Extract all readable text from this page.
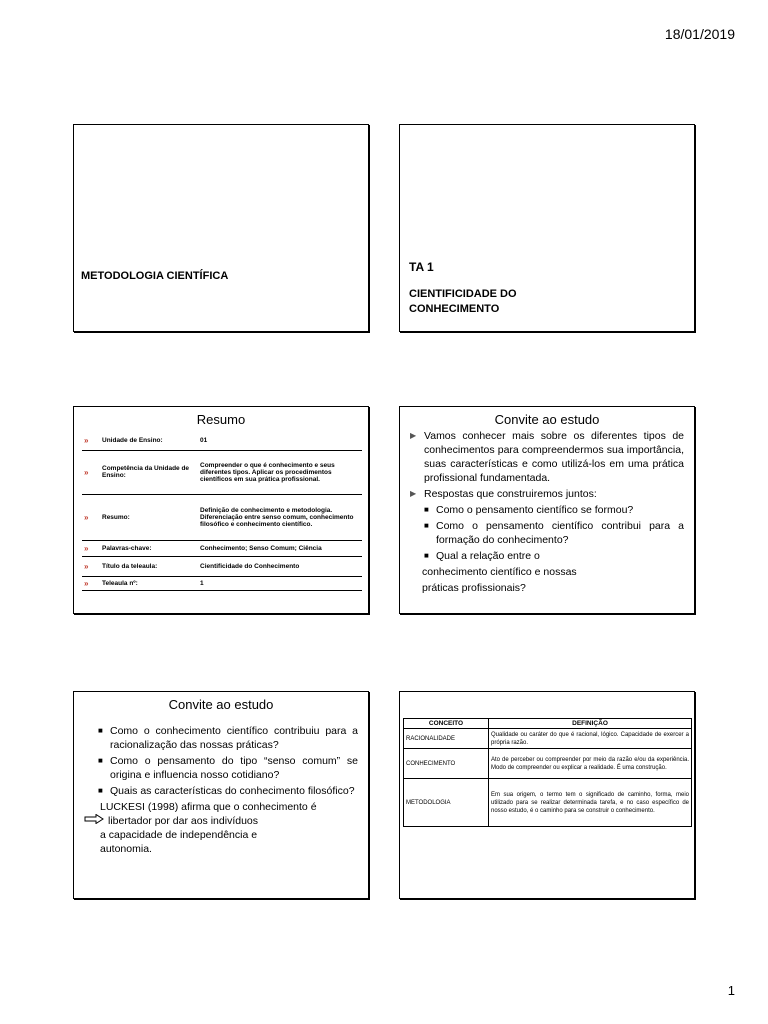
18/01/2019
METODOLOGIA CIENTÍFICA
TA 1
CIENTIFICIDADE DO CONHECIMENTO
Resumo
»	Unidade de Ensino:	01
»	Competência da Unidade de Ensino:	Compreender o que é conhecimento e seus diferentes tipos. Aplicar os procedimentos científicos em sua prática profissional.
»	Resumo:	Definição de conhecimento e metodologia. Diferenciação entre senso comum, conhecimento filosófico e conhecimento científico.
»	Palavras-chave:	Conhecimento; Senso Comum; Ciência
»	Título da teleaula:	Cientificidade do Conhecimento
»	Teleaula nº:	1
Convite ao estudo
▶ Vamos conhecer mais sobre os diferentes tipos de conhecimentos para compreendermos sua importância, suas características e como utilizá-los em uma prática profissional fundamentada.
▶ Respostas que construiremos juntos:
■ Como o pensamento científico se formou?
■ Como o pensamento científico contribui para a formação do conhecimento?
■ Qual a relação entre o
conhecimento científico e nossas
práticas profissionais?
Convite ao estudo
■ Como o conhecimento científico contribuiu para a racionalização das nossas práticas?
■ Como o pensamento do tipo “senso comum” se origina e influencia nosso cotidiano?
■ Quais as características do conhecimento filosófico?
LUCKESI (1998) afirma que o conhecimento é
libertador por dar aos indivíduos
a capacidade de independência e
autonomia.
CONCEITO	DEFINIÇÃO
RACIONALIDADE	Qualidade ou caráter do que é racional, lógico. Capacidade de exercer a própria razão.
CONHECIMENTO	Ato de perceber ou compreender por meio da razão e/ou da experiência. Modo de compreender ou explicar a realidade. É uma construção.
METODOLOGIA	Em sua origem, o termo tem o significado de caminho, forma, meio utilizado para se realizar determinada tarefa, e no caso específico de nosso estudo, é o caminho para se construir o conhecimento.
1
